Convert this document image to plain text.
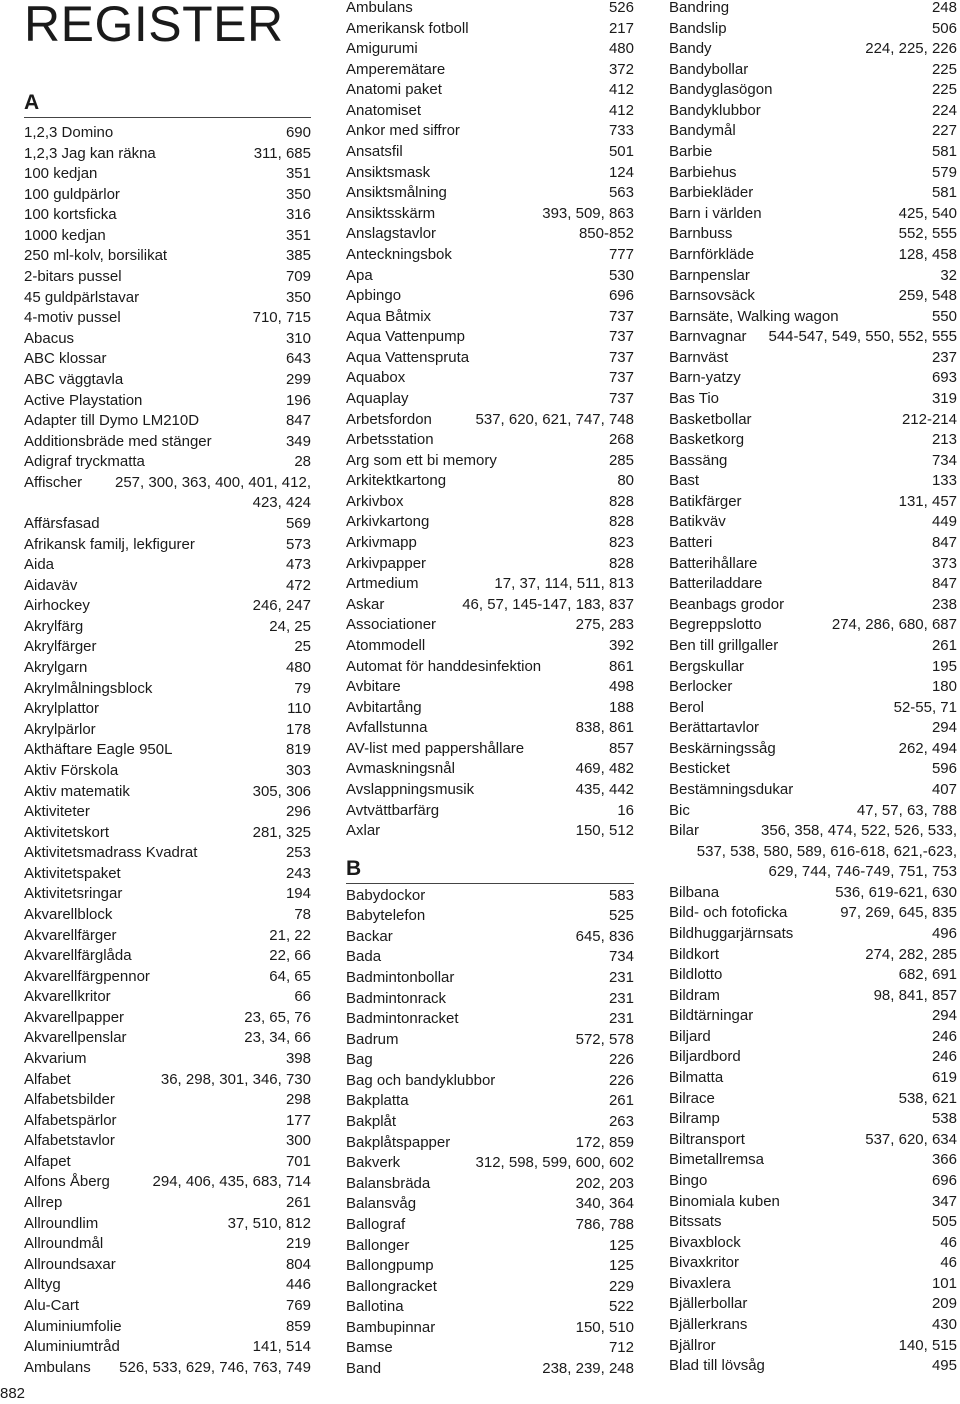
REGISTER
A
1,2,3 Domino	690
1,2,3 Jag kan räkna	311, 685
100 kedjan	351
100 guldpärlor	350
100 kortsficka	316
1000 kedjan	351
250 ml-kolv, borsilikat	385
2-bitars pussel	709
45 guldpärlstavar	350
4-motiv pussel	710, 715
Abacus	310
ABC klossar	643
ABC väggtavla	299
Active Playstation	196
Adapter till Dymo LM210D	847
Additionsbräde med stänger	349
Adigraf tryckmatta	28
Affischer	257, 300, 363, 400, 401, 412,
423, 424
Affärsfasad	569
Afrikansk familj, lekfigurer	573
Aida	473
Aidaväv	472
Airhockey	246, 247
Akrylfärg	24, 25
Akrylfärger	25
Akrylgarn	480
Akrylmålningsblock	79
Akrylplattor	110
Akrylpärlor	178
Akthäftare Eagle 950L	819
Aktiv Förskola	303
Aktiv matematik	305, 306
Aktiviteter	296
Aktivitetskort	281, 325
Aktivitetsmadrass Kvadrat	253
Aktivitetspaket	243
Aktivitetsringar	194
Akvarellblock	78
Akvarellfärger	21, 22
Akvarellfärglåda	22, 66
Akvarellfärgpennor	64, 65
Akvarellkritor	66
Akvarellpapper	23, 65, 76
Akvarellpenslar	23, 34, 66
Akvarium	398
Alfabet	36, 298, 301, 346, 730
Alfabetsbilder	298
Alfabetspärlor	177
Alfabetstavlor	300
Alfapet	701
Alfons Åberg	294, 406, 435, 683, 714
Allrep	261
Allroundlim	37, 510, 812
Allroundmål	219
Allroundsaxar	804
Alltyg	446
Alu-Cart	769
Aluminiumfolie	859
Aluminiumtråd	141, 514
Ambulans	526, 533, 629, 746, 763, 749
Ambulans	526
Amerikansk fotboll	217
Amigurumi	480
Amperemätare	372
Anatomi paket	412
Anatomiset	412
Ankor med siffror	733
Ansatsfil	501
Ansiktsmask	124
Ansiktsmålning	563
Ansiktsskärm	393, 509, 863
Anslagstavlor	850-852
Anteckningsbok	777
Apa	530
Apbingo	696
Aqua Båtmix	737
Aqua Vattenpump	737
Aqua Vattenspruta	737
Aquabox	737
Aquaplay	737
Arbetsfordon	537, 620, 621, 747, 748
Arbetsstation	268
Arg som ett bi memory	285
Arkitektkartong	80
Arkivbox	828
Arkivkartong	828
Arkivmapp	823
Arkivpapper	828
Artmedium	17, 37, 114, 511, 813
Askar	46, 57, 145-147, 183, 837
Associationer	275, 283
Atommodell	392
Automat för handdesinfektion	861
Avbitare	498
Avbitartång	188
Avfallstunna	838, 861
AV-list med pappershållare	857
Avmaskningsnål	469, 482
Avslappningsmusik	435, 442
Avtvättbarfärg	16
Axlar	150, 512
B
Babydockor	583
Babytelefon	525
Backar	645, 836
Bada	734
Badmintonbollar	231
Badmintonrack	231
Badmintonracket	231
Badrum	572, 578
Bag	226
Bag och bandyklubbor	226
Bakplatta	261
Bakplåt	263
Bakplåtspapper	172, 859
Bakverk	312, 598, 599, 600, 602
Balansbräda	202, 203
Balansvåg	340, 364
Ballograf	786, 788
Ballonger	125
Ballongpump	125
Ballongracket	229
Ballotina	522
Bambupinnar	150, 510
Bamse	712
Band	238, 239, 248
Bandring	248
Bandslip	506
Bandy	224, 225, 226
Bandybollar	225
Bandyglasögon	225
Bandyklubbor	224
Bandymål	227
Barbie	581
Barbiehus	579
Barbiekläder	581
Barn i världen	425, 540
Barnbuss	552, 555
Barnförkläde	128, 458
Barnpenslar	32
Barnsovsäck	259, 548
Barnsäte, Walking wagon	550
Barnvagnar	544-547, 549, 550, 552, 555
Barnväst	237
Barn-yatzy	693
Bas Tio	319
Basketbollar	212-214
Basketkorg	213
Bassäng	734
Bast	133
Batikfärger	131, 457
Batikväv	449
Batteri	847
Batterihållare	373
Batteriladdare	847
Beanbags grodor	238
Begreppslotto	274, 286, 680, 687
Ben till grillgaller	261
Bergskullar	195
Berlocker	180
Berol	52-55, 71
Berättartavlor	294
Beskärningssåg	262, 494
Besticket	596
Bestämningsdukar	407
Bic	47, 57, 63, 788
Bilar	356, 358, 474, 522, 526, 533,
537, 538, 580, 589, 616-618, 621,-623,
629, 744, 746-749, 751, 753
Bilbana	536, 619-621, 630
Bild- och fotoficka	97, 269, 645, 835
Bildhuggarjärnsats	496
Bildkort	274, 282, 285
Bildlotto	682, 691
Bildram	98, 841, 857
Bildtärningar	294
Biljard	246
Biljardbord	246
Bilmatta	619
Bilrace	538, 621
Bilramp	538
Biltransport	537, 620, 634
Bimetallremsa	366
Bingo	696
Binomiala kuben	347
Bitssats	505
Bivaxblock	46
Bivaxkritor	46
Bivaxlera	101
Bjällerbollar	209
Bjällerkrans	430
Bjällror	140, 515
Blad till lövsåg	495
882
